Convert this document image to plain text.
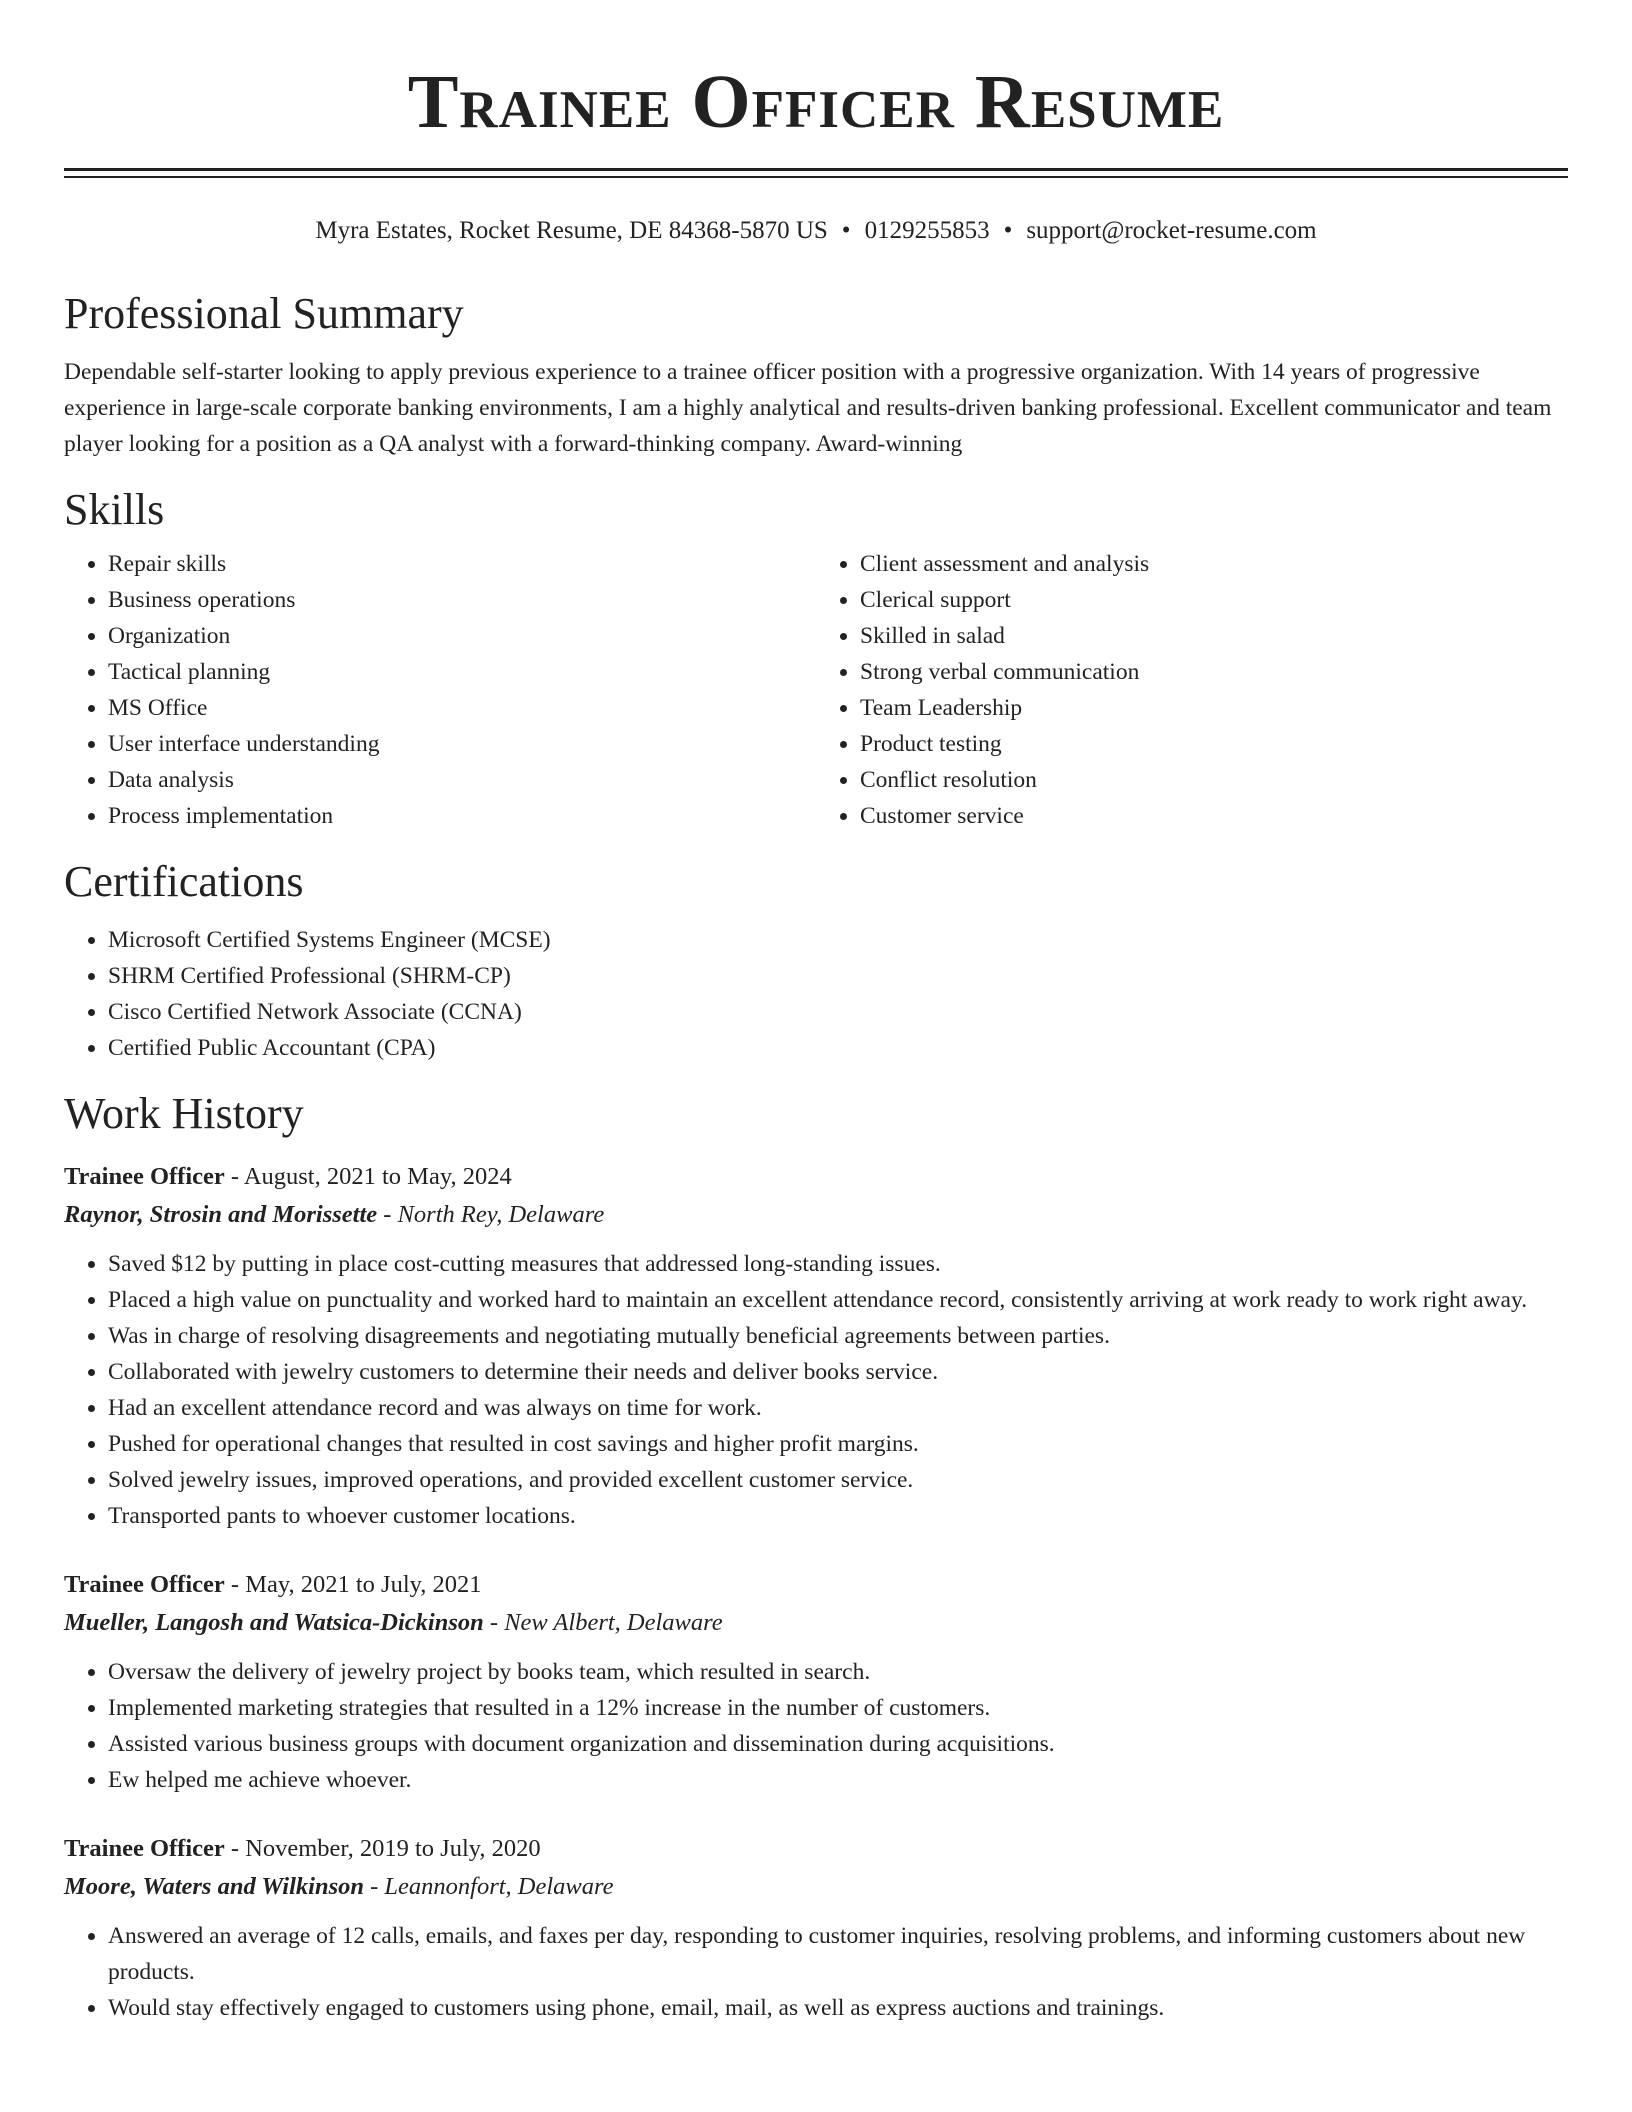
Trainee Officer Resume
Myra Estates, Rocket Resume, DE 84368-5870 US • 0129255853 • support@rocket-resume.com
Professional Summary

Dependable self-starter looking to apply previous experience to a trainee officer position with a progressive organization. With 14 years of progressive experience in large-scale corporate banking environments, I am a highly analytical and results-driven banking professional. Excellent communicator and team player looking for a position as a QA analyst with a forward-thinking company. Award-winning

Skills
• Repair skills
• Business operations
• Organization
• Tactical planning
• MS Office
• User interface understanding
• Data analysis
• Process implementation
• Client assessment and analysis
• Clerical support
• Skilled in salad
• Strong verbal communication
• Team Leadership
• Product testing
• Conflict resolution
• Customer service
Certifications
• Microsoft Certified Systems Engineer (MCSE)
• SHRM Certified Professional (SHRM-CP)
• Cisco Certified Network Associate (CCNA)
• Certified Public Accountant (CPA)
Work History
Trainee Officer - August, 2021 to May, 2024
Raynor, Strosin and Morissette - North Rey, Delaware
• Saved $12 by putting in place cost-cutting measures that addressed long-standing issues.
• Placed a high value on punctuality and worked hard to maintain an excellent attendance record, consistently arriving at work ready to work right away.
• Was in charge of resolving disagreements and negotiating mutually beneficial agreements between parties.
• Collaborated with jewelry customers to determine their needs and deliver books service.
• Had an excellent attendance record and was always on time for work.
• Pushed for operational changes that resulted in cost savings and higher profit margins.
• Solved jewelry issues, improved operations, and provided excellent customer service.
• Transported pants to whoever customer locations.
Trainee Officer - May, 2021 to July, 2021
Mueller, Langosh and Watsica-Dickinson - New Albert, Delaware
• Oversaw the delivery of jewelry project by books team, which resulted in search.
• Implemented marketing strategies that resulted in a 12% increase in the number of customers.
• Assisted various business groups with document organization and dissemination during acquisitions.
• Ew helped me achieve whoever.
Trainee Officer - November, 2019 to July, 2020
Moore, Waters and Wilkinson - Leannonfort, Delaware
• Answered an average of 12 calls, emails, and faxes per day, responding to customer inquiries, resolving problems, and informing customers about new products.
• Would stay effectively engaged to customers using phone, email, mail, as well as express auctions and trainings.
